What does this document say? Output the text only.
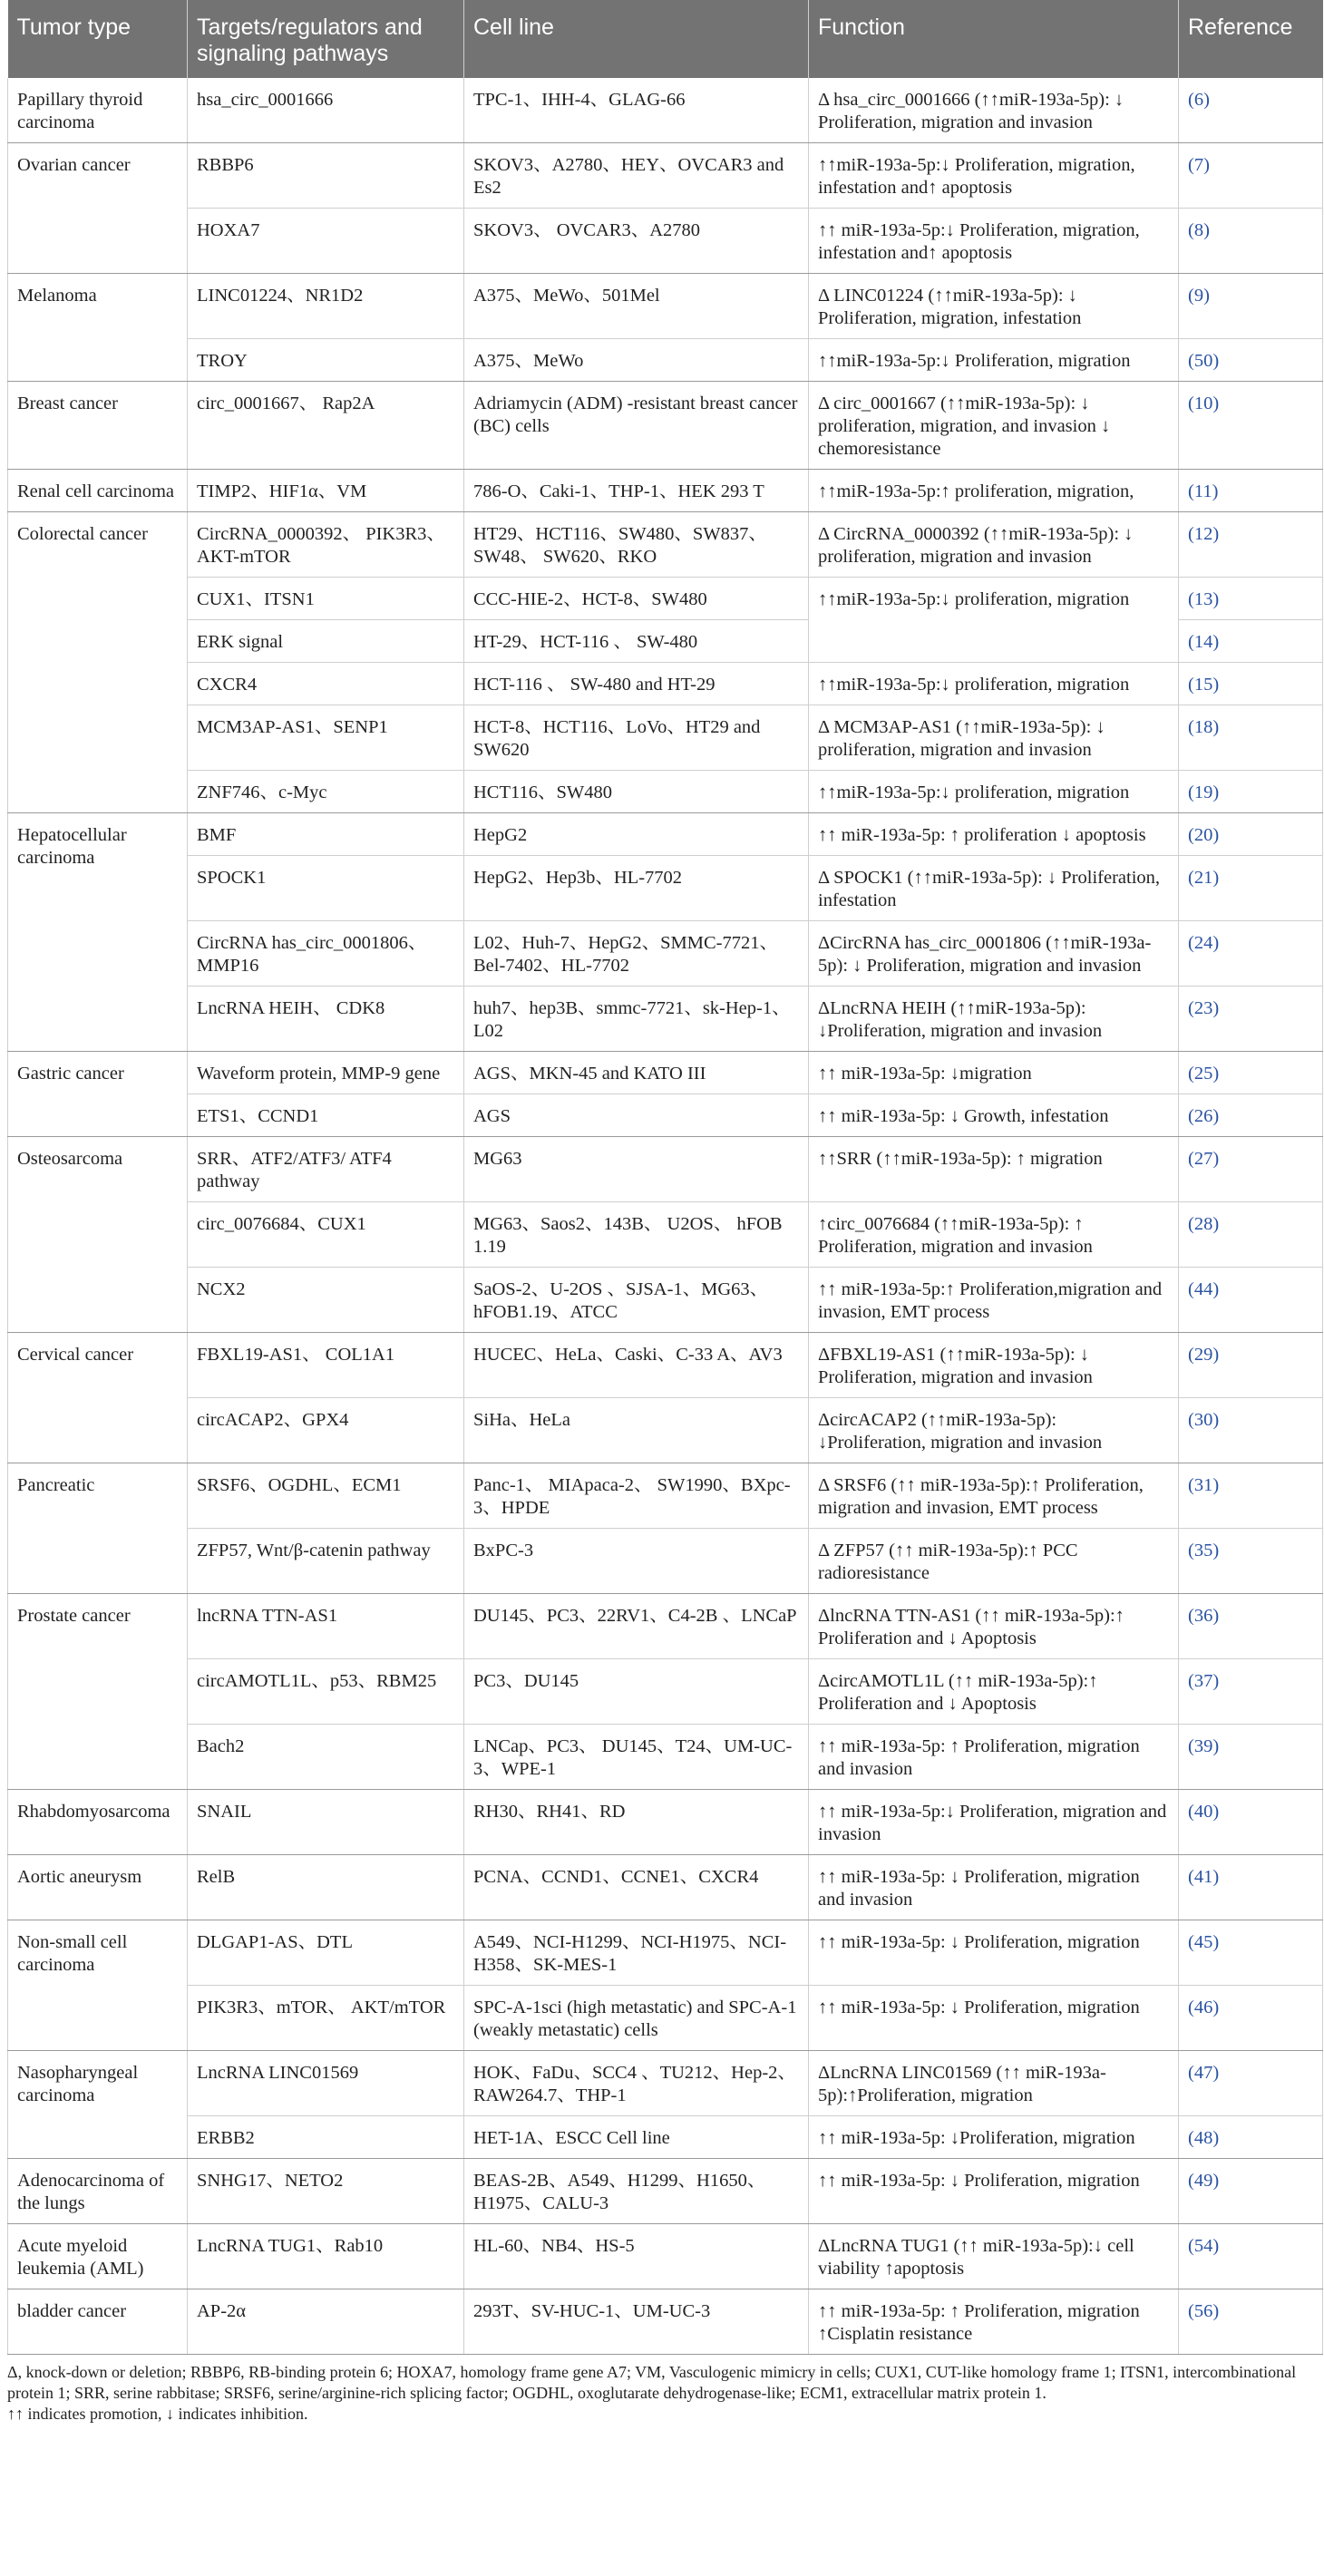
Tumor type	Targets/regulators and signaling pathways	Cell line	Function	Reference
Papillary thyroid carcinoma	hsa_circ_0001666	TPC-1、IHH-4、GLAG-66	Δ hsa_circ_0001666 (↑↑miR-193a-5p): ↓ Proliferation, migration and invasion	(6)
Ovarian cancer	RBBP6	SKOV3、A2780、HEY、OVCAR3 and Es2	↑↑miR-193a-5p:↓ Proliferation, migration, infestation and↑ apoptosis	(7)
	HOXA7	SKOV3、 OVCAR3、A2780	↑↑ miR-193a-5p:↓ Proliferation, migration, infestation and↑ apoptosis	(8)
Melanoma	LINC01224、NR1D2	A375、MeWo、501Mel	Δ LINC01224 (↑↑miR-193a-5p): ↓ Proliferation, migration, infestation	(9)
	TROY	A375、MeWo	↑↑miR-193a-5p:↓ Proliferation, migration	(50)
Breast cancer	circ_0001667、 Rap2A	Adriamycin (ADM) -resistant breast cancer (BC) cells	Δ circ_0001667 (↑↑miR-193a-5p): ↓ proliferation, migration, and invasion ↓ chemoresistance	(10)
Renal cell carcinoma	TIMP2、HIF1α、VM	786-O、Caki-1、THP-1、HEK 293 T	↑↑miR-193a-5p:↑ proliferation, migration,	(11)
Colorectal cancer	CircRNA_0000392、 PIK3R3、 AKT-mTOR	HT29、HCT116、SW480、SW837、SW48、 SW620、RKO	Δ CircRNA_0000392 (↑↑miR-193a-5p): ↓ proliferation, migration and invasion	(12)
	CUX1、ITSN1	CCC-HIE-2、HCT-8、SW480	↑↑miR-193a-5p:↓ proliferation, migration	(13)
	ERK signal	HT-29、HCT-116 、 SW-480		(14)
	CXCR4	HCT-116 、 SW-480 and HT-29	↑↑miR-193a-5p:↓ proliferation, migration	(15)
	MCM3AP-AS1、SENP1	HCT-8、HCT116、LoVo、HT29 and SW620	Δ MCM3AP-AS1 (↑↑miR-193a-5p): ↓ proliferation, migration and invasion	(18)
	ZNF746、c-Myc	HCT116、SW480	↑↑miR-193a-5p:↓ proliferation, migration	(19)
Hepatocellular carcinoma	BMF	HepG2	↑↑ miR-193a-5p: ↑ proliferation ↓ apoptosis	(20)
	SPOCK1	HepG2、Hep3b、HL-7702	Δ SPOCK1 (↑↑miR-193a-5p): ↓ Proliferation, infestation	(21)
	CircRNA has_circ_0001806、MMP16	L02、Huh-7、HepG2、SMMC-7721、Bel-7402、HL-7702	ΔCircRNA has_circ_0001806 (↑↑miR-193a-5p): ↓ Proliferation, migration and invasion	(24)
	LncRNA HEIH、 CDK8	huh7、hep3B、smmc-7721、sk-Hep-1、L02	ΔLncRNA HEIH (↑↑miR-193a-5p): ↓Proliferation, migration and invasion	(23)
Gastric cancer	Waveform protein, MMP-9 gene	AGS、MKN-45 and KATO III	↑↑ miR-193a-5p: ↓migration	(25)
	ETS1、CCND1	AGS	↑↑ miR-193a-5p: ↓ Growth, infestation	(26)
Osteosarcoma	SRR、ATF2/ATF3/ ATF4 pathway	MG63	↑↑SRR (↑↑miR-193a-5p): ↑ migration	(27)
	circ_0076684、CUX1	MG63、Saos2、143B、 U2OS、 hFOB 1.19	↑circ_0076684 (↑↑miR-193a-5p): ↑ Proliferation, migration and invasion	(28)
	NCX2	SaOS-2、U-2OS 、SJSA-1、MG63、hFOB1.19、ATCC	↑↑ miR-193a-5p:↑ Proliferation,migration and invasion, EMT process	(44)
Cervical cancer	FBXL19-AS1、 COL1A1	HUCEC、HeLa、Caski、C-33 A、AV3	ΔFBXL19-AS1 (↑↑miR-193a-5p): ↓ Proliferation, migration and invasion	(29)
	circACAP2、GPX4	SiHa、HeLa	ΔcircACAP2 (↑↑miR-193a-5p): ↓Proliferation, migration and invasion	(30)
Pancreatic	SRSF6、OGDHL、ECM1	Panc-1、 MIApaca-2、 SW1990、BXpc-3、HPDE	Δ SRSF6 (↑↑ miR-193a-5p):↑ Proliferation, migration and invasion, EMT process	(31)
	ZFP57, Wnt/β-catenin pathway	BxPC-3	Δ ZFP57 (↑↑ miR-193a-5p):↑ PCC radioresistance	(35)
Prostate cancer	lncRNA TTN-AS1	DU145、PC3、22RV1、C4-2B 、LNCaP	ΔlncRNA TTN-AS1 (↑↑ miR-193a-5p):↑ Proliferation and ↓ Apoptosis	(36)
	circAMOTL1L、p53、RBM25	PC3、DU145	ΔcircAMOTL1L (↑↑ miR-193a-5p):↑ Proliferation and ↓ Apoptosis	(37)
	Bach2	LNCap、PC3、 DU145、T24、UM-UC-3、WPE-1	↑↑ miR-193a-5p: ↑ Proliferation, migration and invasion	(39)
Rhabdomyosarcoma	SNAIL	RH30、RH41、RD	↑↑ miR-193a-5p:↓ Proliferation, migration and invasion	(40)
Aortic aneurysm	RelB	PCNA、CCND1、CCNE1、CXCR4	↑↑ miR-193a-5p: ↓ Proliferation, migration and invasion	(41)
Non-small cell carcinoma	DLGAP1-AS、DTL	A549、NCI-H1299、NCI-H1975、NCI-H358、SK-MES-1	↑↑ miR-193a-5p: ↓ Proliferation, migration	(45)
	PIK3R3、mTOR、 AKT/mTOR	SPC-A-1sci (high metastatic) and SPC-A-1 (weakly metastatic) cells	↑↑ miR-193a-5p: ↓ Proliferation, migration	(46)
Nasopharyngeal carcinoma	LncRNA LINC01569	HOK、FaDu、SCC4 、TU212、Hep-2、RAW264.7、THP-1	ΔLncRNA LINC01569 (↑↑ miR-193a-5p):↑Proliferation, migration	(47)
	ERBB2	HET-1A、ESCC Cell line	↑↑ miR-193a-5p: ↓Proliferation, migration	(48)
Adenocarcinoma of the lungs	SNHG17、NETO2	BEAS-2B、A549、H1299、H1650、H1975、CALU-3	↑↑ miR-193a-5p: ↓ Proliferation, migration	(49)
Acute myeloid leukemia (AML)	LncRNA TUG1、Rab10	HL-60、NB4、HS-5	ΔLncRNA TUG1 (↑↑ miR-193a-5p):↓ cell viability ↑apoptosis	(54)
bladder cancer	AP-2α	293T、SV-HUC-1、UM-UC-3	↑↑ miR-193a-5p: ↑ Proliferation, migration ↑Cisplatin resistance	(56)

Δ, knock-down or deletion; RBBP6, RB-binding protein 6; HOXA7, homology frame gene A7; VM, Vasculogenic mimicry in cells; CUX1, CUT-like homology frame 1; ITSN1, intercombinational protein 1; SRR, serine rabbitase; SRSF6, serine/arginine-rich splicing factor; OGDHL, oxoglutarate dehydrogenase-like; ECM1, extracellular matrix protein 1.

↑↑ indicates promotion, ↓ indicates inhibition.
